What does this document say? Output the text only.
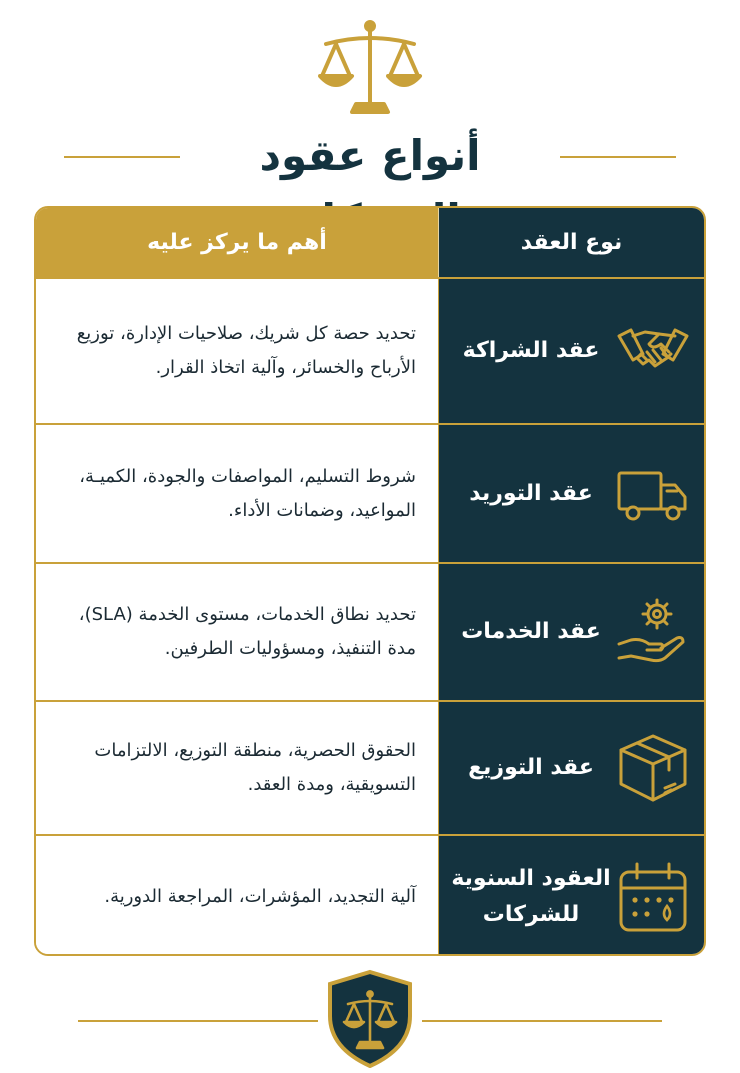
أنواع عقود
أهم ما يركز عليه	نوع العقد
تحديد حصة كل شريك، صلاحيات الإدارة، توزيع الأرباح والخسائر، وآلية اتخاذ القرار.
عقد الشراكة
شروط التسليم، المواصفات والجودة، الكميـة، المواعيد، وضمانات الأداء.
عقد التوريد
تحديد نطاق الخدمات، مستوى الخدمة (SLA)، مدة التنفيذ، ومسؤوليات الطرفين.
عقد الخدمات
الحقوق الحصرية، منطقة التوزيع، الالتزامات التسويقية، ومدة العقد.
عقد التوزيع
آلية التجديد، المؤشرات، المراجعة الدورية.
العقود السنوية للشركات
